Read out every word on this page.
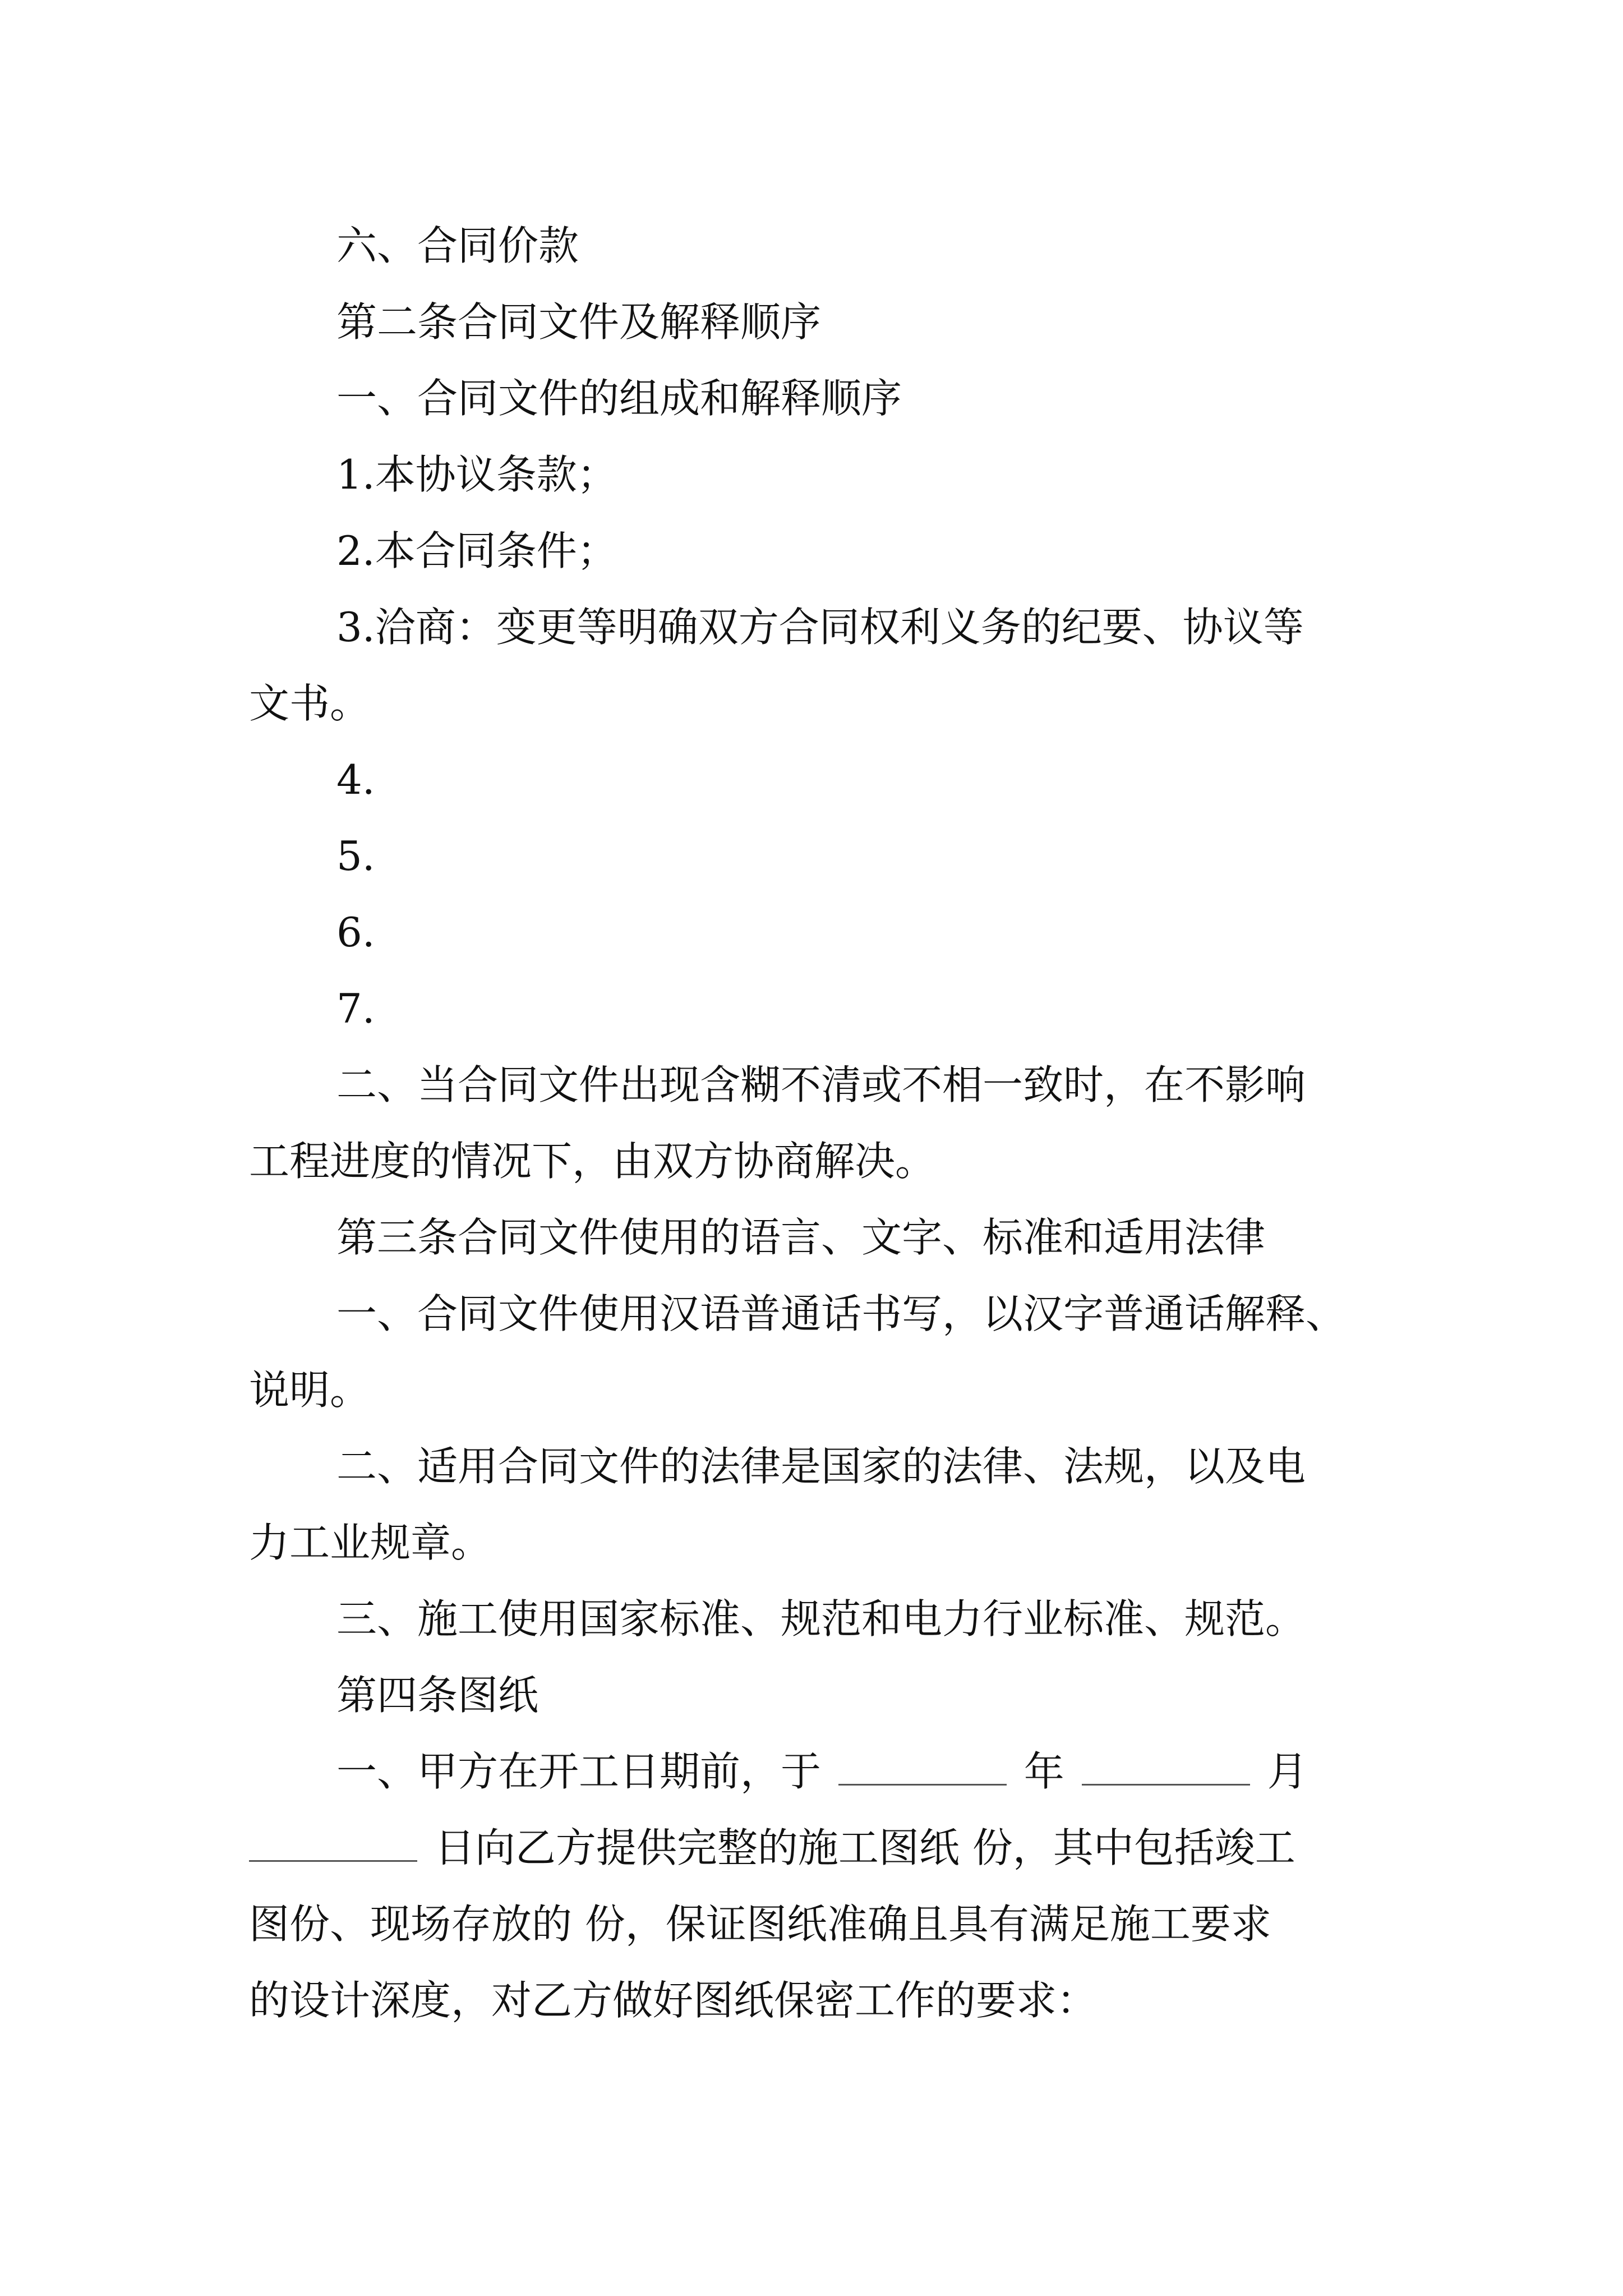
六、合同价款
第二条合同文件及解释顺序
一、合同文件的组成和解释顺序
1.本协议条款；
2.本合同条件；
3.洽商：变更等明确双方合同权利义务的纪要、协议等
文书。
4.
5.
6.
7.
二、当合同文件出现含糊不清或不相一致时，在不影响
工程进度的情况下，由双方协商解决。
第三条合同文件使用的语言、文字、标准和适用法律
一、合同文件使用汉语普通话书写，以汉字普通话解释、
说明。
二、适用合同文件的法律是国家的法律、法规，以及电
力工业规章。
三、施工使用国家标准、规范和电力行业标准、规范。
第四条图纸
一、甲方在开工日期前，于	年	月
日向乙方提供完整的施工图纸 份，其中包括竣工
图份、现场存放的 份，保证图纸准确且具有满足施工要求
的设计深度，对乙方做好图纸保密工作的要求：
